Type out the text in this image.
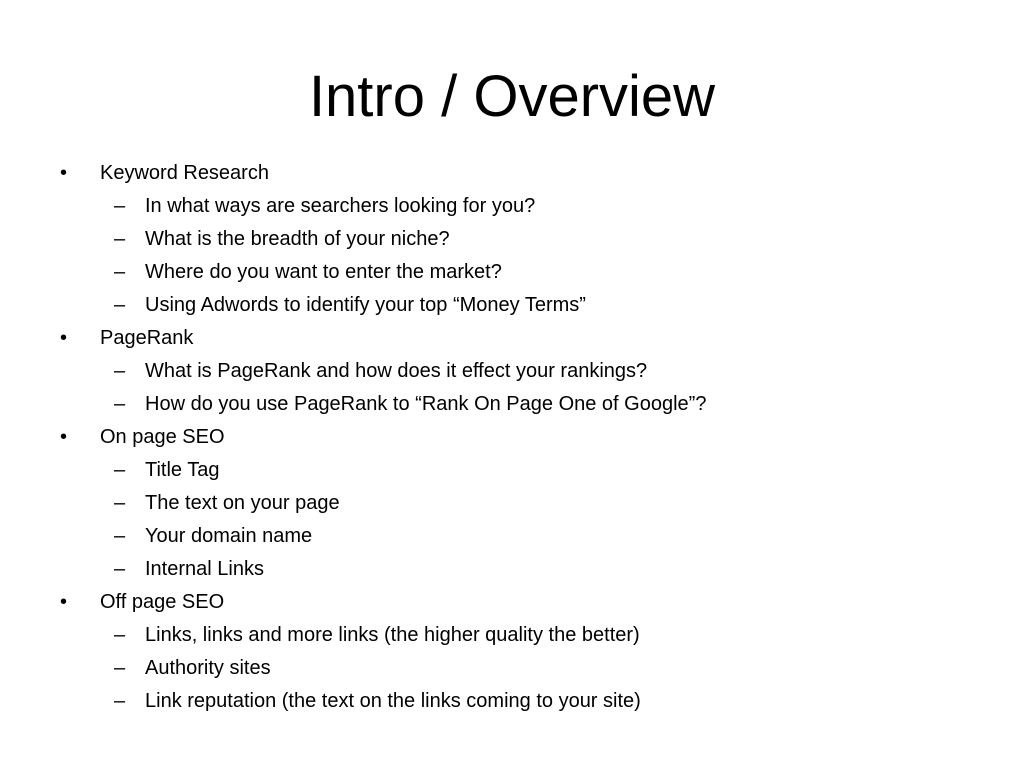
Intro / Overview
•	Keyword Research
– In what ways are searchers looking for you?
– What is the breadth of your niche?
– Where do you want to enter the market?
– Using Adwords to identify your top “Money Terms”
•	PageRank
– What is PageRank and how does it effect your rankings?
– How do you use PageRank to “Rank On Page One of Google”?
•	On page SEO
– Title Tag
– The text on your page
– Your domain name
– Internal Links
•	Off page SEO
– Links, links and more links (the higher quality the better)
– Authority sites
– Link reputation (the text on the links coming to your site)
